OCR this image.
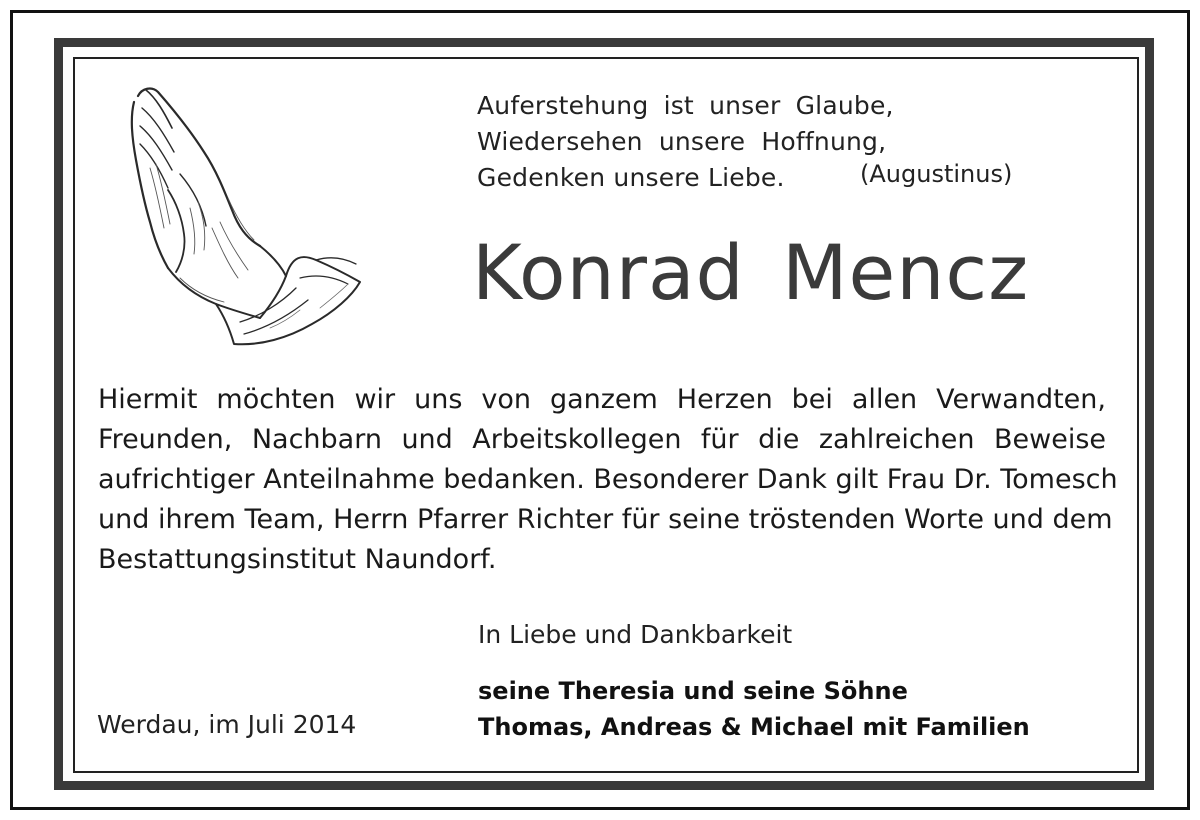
Auferstehung ist unser Glaube,
Wiedersehen unsere Hoffnung,
Gedenken unsere Liebe.	(Augustinus)
Konrad Mencz
Hiermit möchten wir uns von ganzem Herzen bei allen Verwandten,
Freunden, Nachbarn und Arbeitskollegen für die zahlreichen Beweise
aufrichtiger Anteilnahme bedanken. Besonderer Dank gilt Frau Dr. Tomesch
und ihrem Team, Herrn Pfarrer Richter für seine tröstenden Worte und dem
Bestattungsinstitut Naundorf.
In Liebe und Dankbarkeit
seine Theresia und seine Söhne
Thomas, Andreas & Michael mit Familien
Werdau, im Juli 2014
